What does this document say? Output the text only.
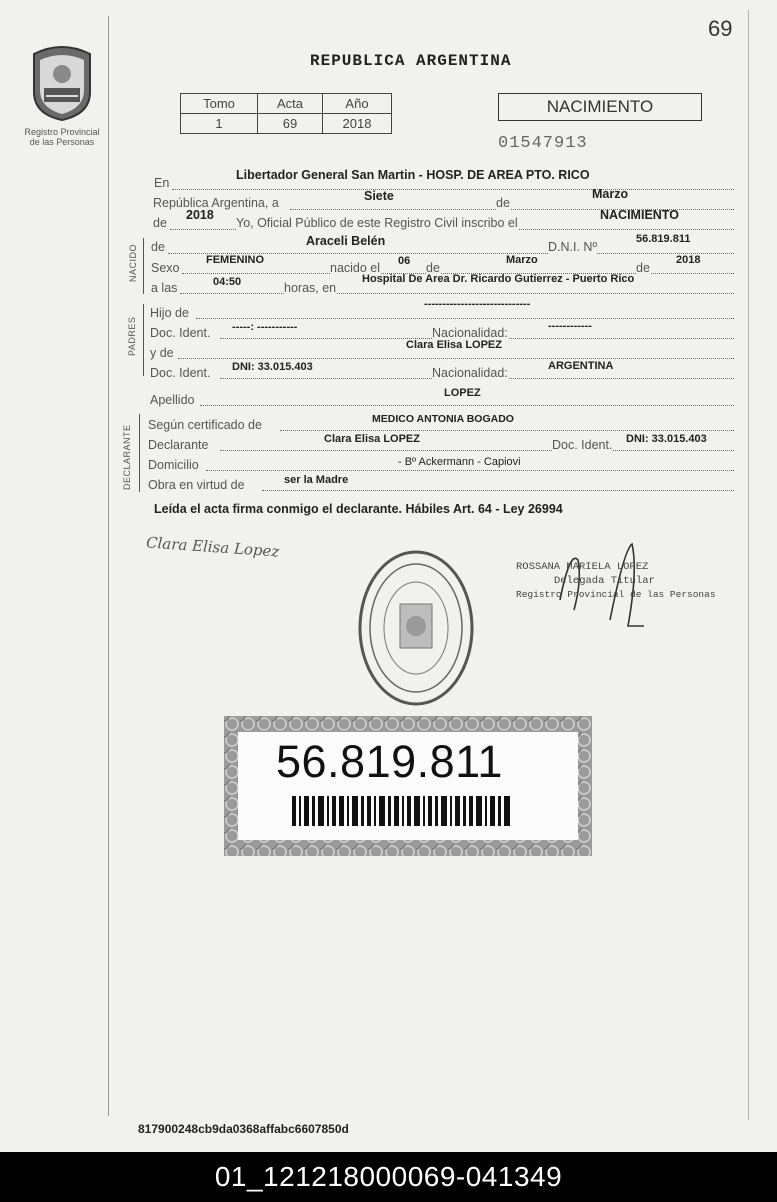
69
Registro Provincial
de las Personas
REPUBLICA ARGENTINA
Tomo	Acta	Año
1	69	2018
NACIMIENTO
01547913
En
Libertador General San Martin - HOSP. DE AREA PTO. RICO
República Argentina, a	Siete	de
Marzo
de
2018
Yo, Oficial Público de este Registro Civil inscribo el
NACIMIENTO
NACIDO de	Araceli Belén	D.N.I. Nº
56.819.811
Sexo
FEMENINO
nacido el 06 de
Marzo
de
2018
a las	04:50	horas, en
Hospital De Area Dr. Ricardo Gutierrez - Puerto Rico
PADRES
Hijo de
-----------------------------
Doc. Ident. -----: -----------	Nacionalidad:	------------
y de
Clara Elisa LOPEZ
Doc. Ident. DNI: 33.015.403	Nacionalidad:	ARGENTINA
Apellido	LOPEZ
DECLARANTE Según certificado de	MEDICO ANTONIA BOGADO
Declarante	Clara Elisa LOPEZ	Doc. Ident. DNI: 33.015.403
Domicilio	- Bº Ackermann - Capiovi
Obra en virtud de	ser la Madre
Leída el acta firma conmigo el declarante. Hábiles Art. 64 - Ley 26994
Clara Elisa Lopez
ROSSANA MARIELA LOPEZ
Delegada Titular
Registro Provincial de las Personas
56.819.811
817900248cb9da0368affabc6607850d
01_121218000069-041349
